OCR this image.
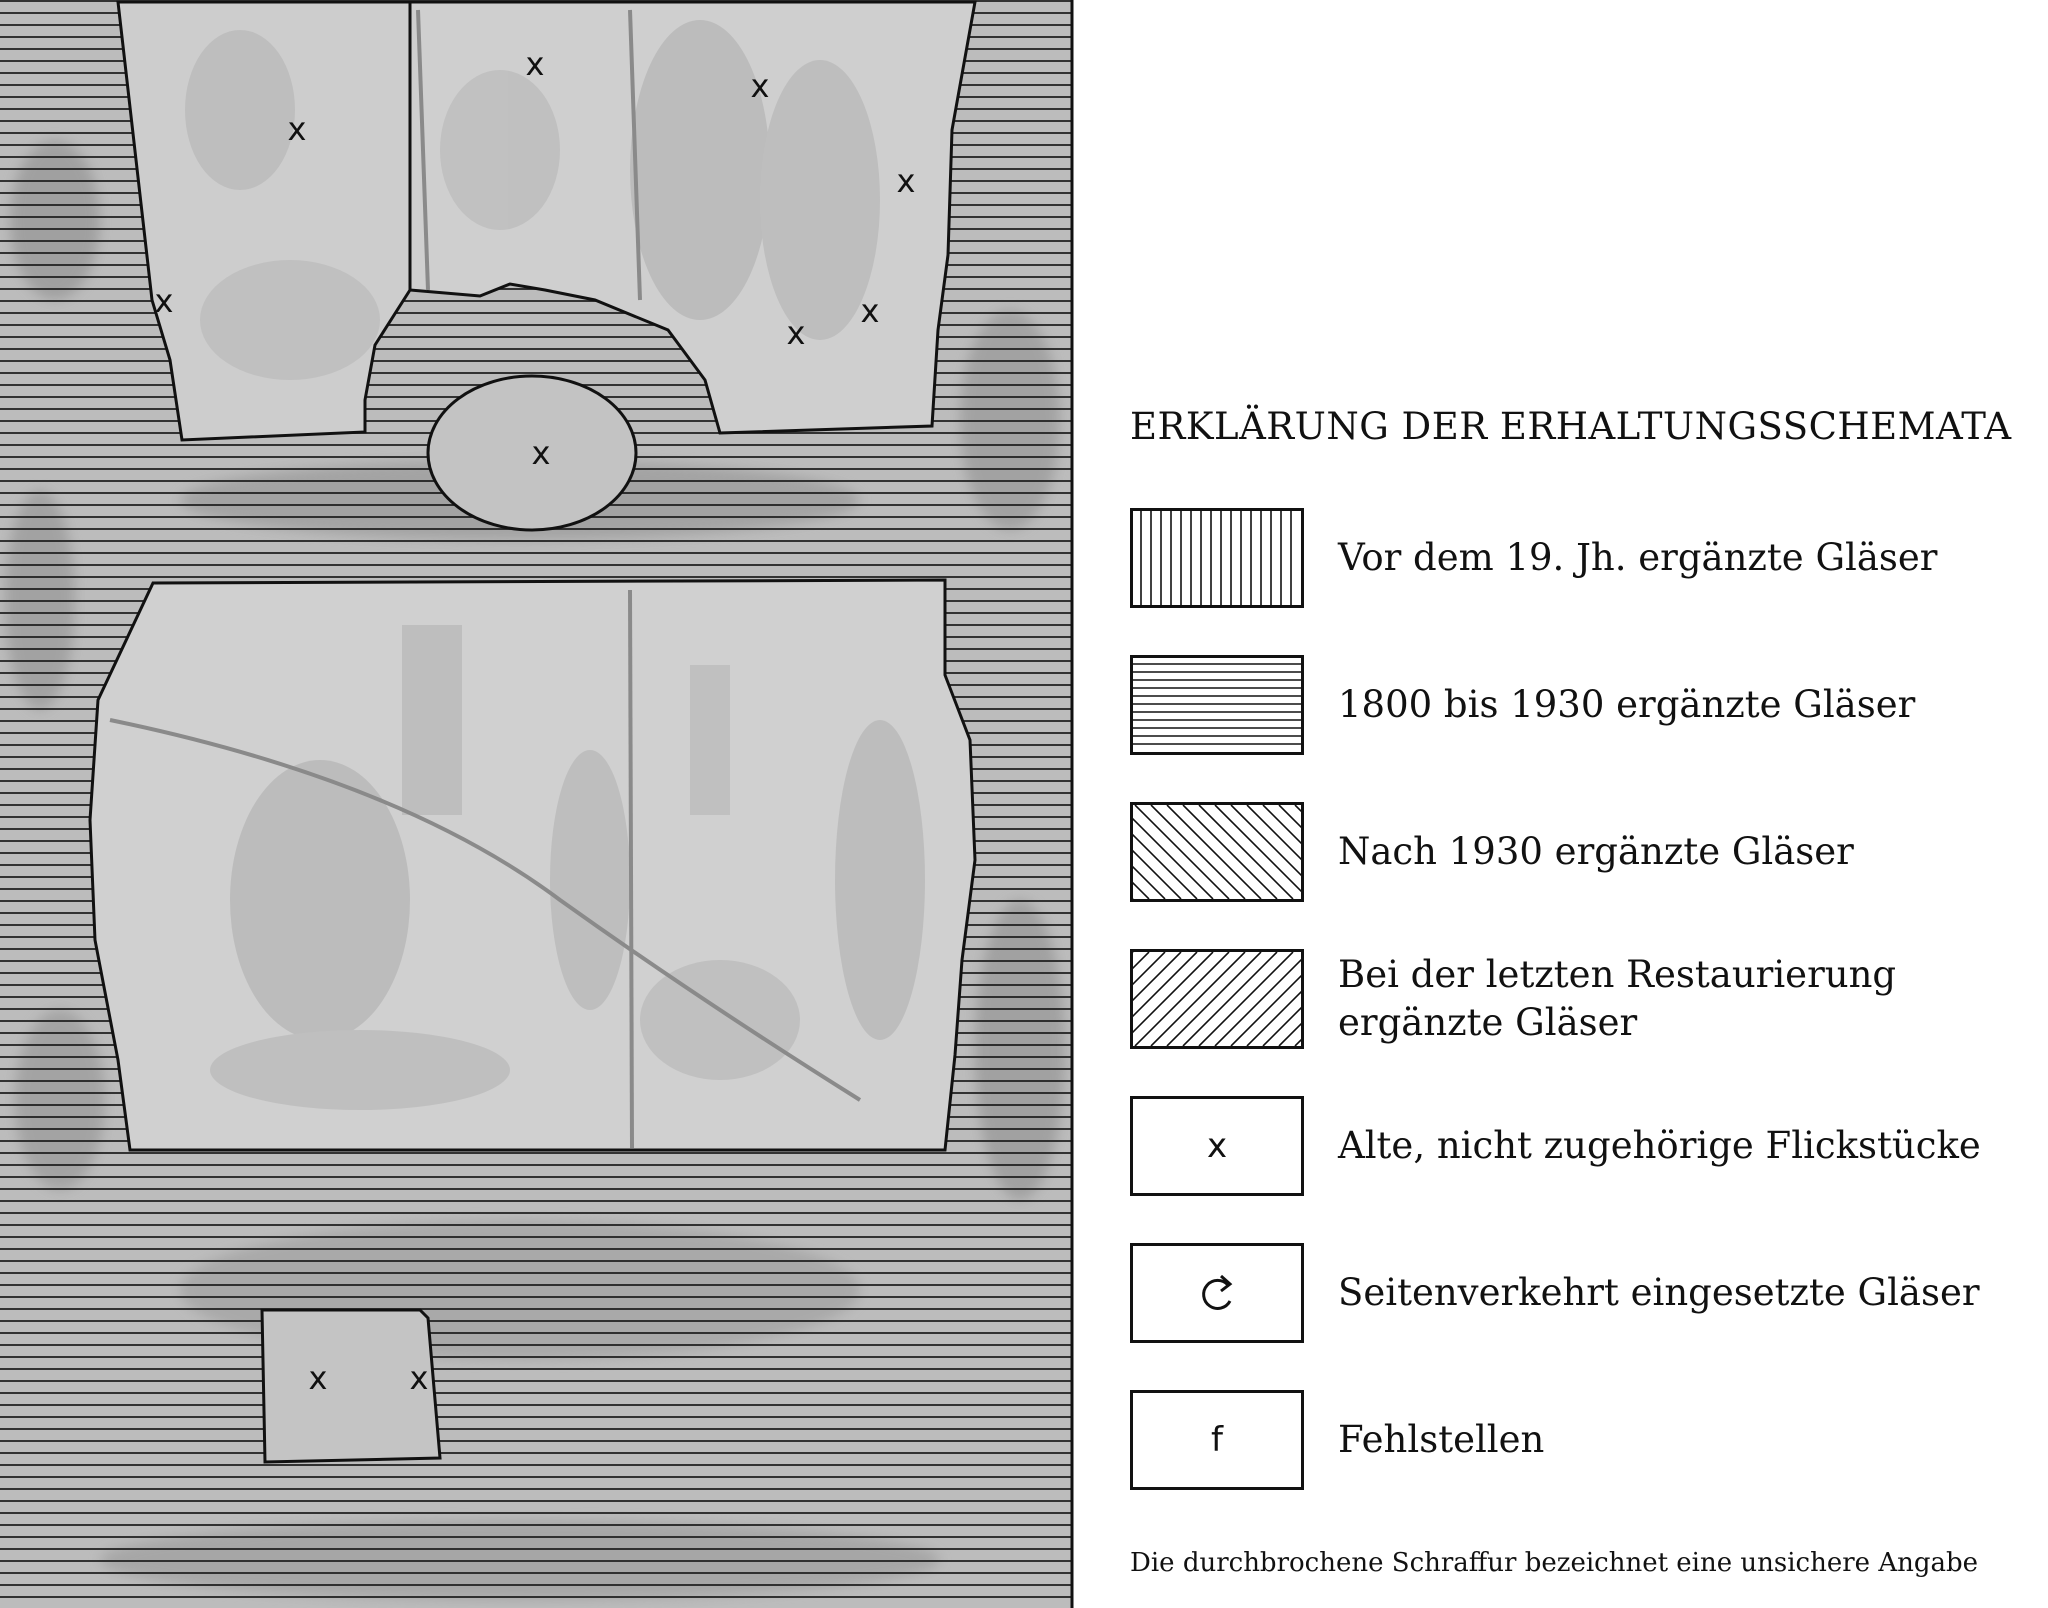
x
x
x
x
x
x
x
x
x	x
ERKLÄRUNG DER ERHALTUNGSSCHEMATA
Vor dem 19. Jh. ergänzte Gläser
1800 bis 1930 ergänzte Gläser
Nach 1930 ergänzte Gläser
Bei der letzten Restaurierung
ergänzte Gläser
x	Alte, nicht zugehörige Flickstücke
Seitenverkehrt eingesetzte Gläser
f	Fehlstellen
Die durchbrochene Schraffur bezeichnet eine unsichere Angabe
